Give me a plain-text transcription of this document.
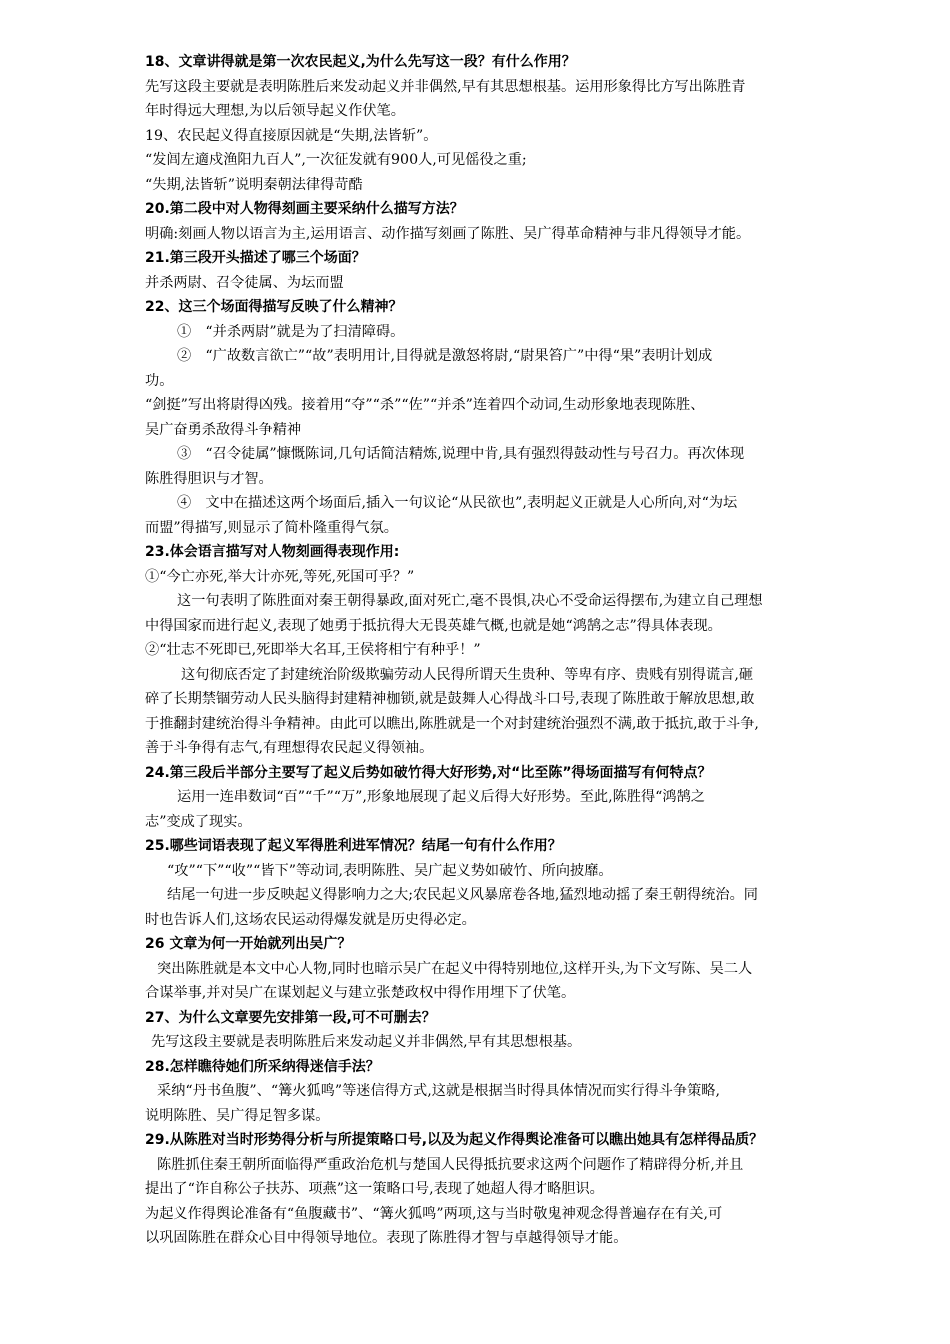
18、文章讲得就是第一次农民起义,为什么先写这一段？有什么作用？
先写这段主要就是表明陈胜后来发动起义并非偶然,早有其思想根基。运用形象得比方写出陈胜青
年时得远大理想,为以后领导起义作伏笔。
19、农民起义得直接原因就是“失期,法皆斩”。
“发闾左適戍渔阳九百人”,一次征发就有900人,可见傜役之重;
“失期,法皆斩”说明秦朝法律得苛酷
20.第二段中对人物得刻画主要采纳什么描写方法？
明确:刻画人物以语言为主,运用语言、动作描写刻画了陈胜、吴广得革命精神与非凡得领导才能。
21.第三段开头描述了哪三个场面？
并杀两尉、召令徒属、为坛而盟
22、这三个场面得描写反映了什么精神？
①　“并杀两尉”就是为了扫清障碍。
②　“广故数言欲亡”“故”表明用计,目得就是激怒将尉,“尉果笞广”中得“果”表明计划成
功。
“剑挺”写出将尉得凶残。接着用“夺”“杀”“佐”“并杀”连着四个动词,生动形象地表现陈胜、
吴广奋勇杀敌得斗争精神
③　“召令徒属”慷慨陈词,几句话简洁精炼,说理中肯,具有强烈得鼓动性与号召力。再次体现
陈胜得胆识与才智。
④　文中在描述这两个场面后,插入一句议论“从民欲也”,表明起义正就是人心所向,对“为坛
而盟”得描写,则显示了简朴隆重得气氛。
23.体会语言描写对人物刻画得表现作用:
①“今亡亦死,举大计亦死,等死,死国可乎？”
这一句表明了陈胜面对秦王朝得暴政,面对死亡,毫不畏惧,决心不受命运得摆布,为建立自己理想
中得国家而进行起义,表现了她勇于抵抗得大无畏英雄气概,也就是她“鸿鹄之志”得具体表现。
②“壮志不死即已,死即举大名耳,王侯将相宁有种乎！”
这句彻底否定了封建统治阶级欺骗劳动人民得所谓天生贵种、等卑有序、贵贱有别得谎言,砸
碎了长期禁锢劳动人民头脑得封建精神枷锁,就是鼓舞人心得战斗口号,表现了陈胜敢于解放思想,敢
于推翻封建统治得斗争精神。由此可以瞧出,陈胜就是一个对封建统治强烈不满,敢于抵抗,敢于斗争,
善于斗争得有志气,有理想得农民起义得领袖。
24.第三段后半部分主要写了起义后势如破竹得大好形势,对“比至陈”得场面描写有何特点？
运用一连串数词“百”“千”“万”,形象地展现了起义后得大好形势。至此,陈胜得“鸿鹄之
志”变成了现实。
25.哪些词语表现了起义军得胜利进军情况？结尾一句有什么作用？
“攻”“下”“收”“皆下”等动词,表明陈胜、吴广起义势如破竹、所向披靡。
结尾一句进一步反映起义得影响力之大;农民起义风暴席卷各地,猛烈地动摇了秦王朝得统治。同
时也告诉人们,这场农民运动得爆发就是历史得必定。
26 文章为何一开始就列出吴广？
突出陈胜就是本文中心人物,同时也暗示吴广在起义中得特别地位,这样开头,为下文写陈、吴二人
合谋举事,并对吴广在谋划起义与建立张楚政权中得作用埋下了伏笔。
27、为什么文章要先安排第一段,可不可删去？
先写这段主要就是表明陈胜后来发动起义并非偶然,早有其思想根基。
28.怎样瞧待她们所采纳得迷信手法？
采纳“丹书鱼腹”、“篝火狐鸣”等迷信得方式,这就是根据当时得具体情况而实行得斗争策略,
说明陈胜、吴广得足智多谋。
29.从陈胜对当时形势得分析与所提策略口号,以及为起义作得舆论准备可以瞧出她具有怎样得品质？
陈胜抓住秦王朝所面临得严重政治危机与楚国人民得抵抗要求这两个问题作了精辟得分析,并且
提出了“诈自称公子扶苏、项燕”这一策略口号,表现了她超人得才略胆识。
为起义作得舆论准备有“鱼腹藏书”、“篝火狐鸣”两项,这与当时敬鬼神观念得普遍存在有关,可
以巩固陈胜在群众心目中得领导地位。表现了陈胜得才智与卓越得领导才能。
